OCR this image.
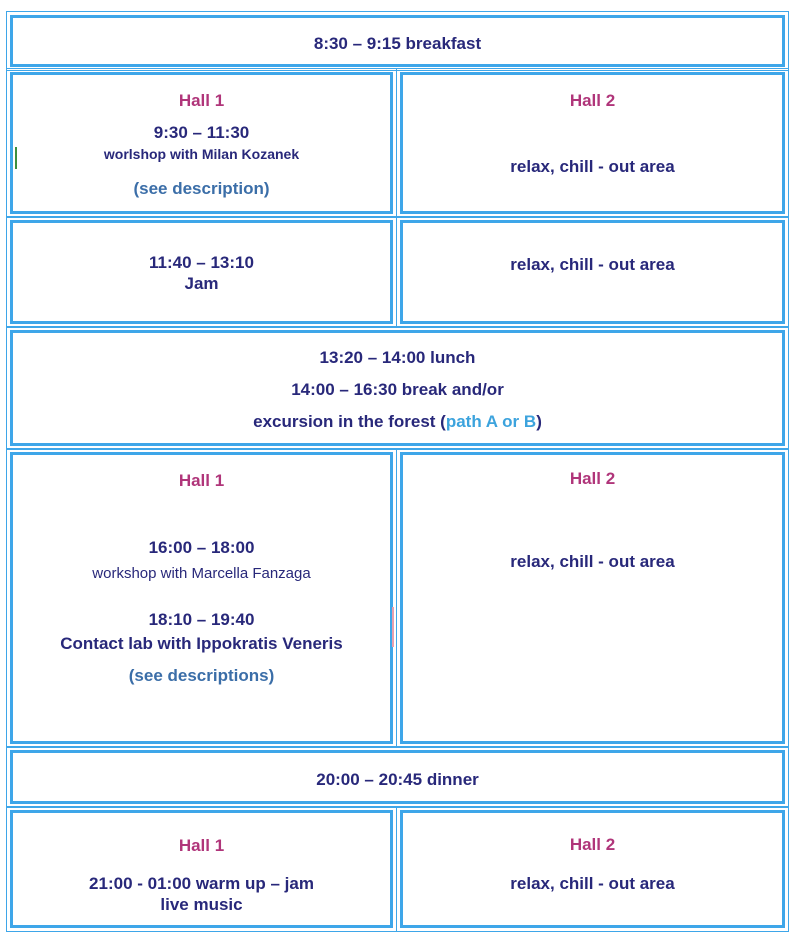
8:30 – 9:15 breakfast
Hall 1
9:30 – 11:30
worlshop with Milan Kozanek
(see description)
Hall 2
relax, chill - out area
11:40 – 13:10
Jam
relax, chill - out area
13:20 – 14:00 lunch
14:00 – 16:30 break and/or
excursion in the forest (path A or B)
Hall 1
16:00 – 18:00
workshop with Marcella Fanzaga
18:10 – 19:40
Contact lab with Ippokratis Veneris
(see descriptions)
Hall 2
relax, chill - out area
20:00 – 20:45 dinner
Hall 1
21:00 - 01:00 warm up – jam
live music
Hall 2
relax, chill - out area
